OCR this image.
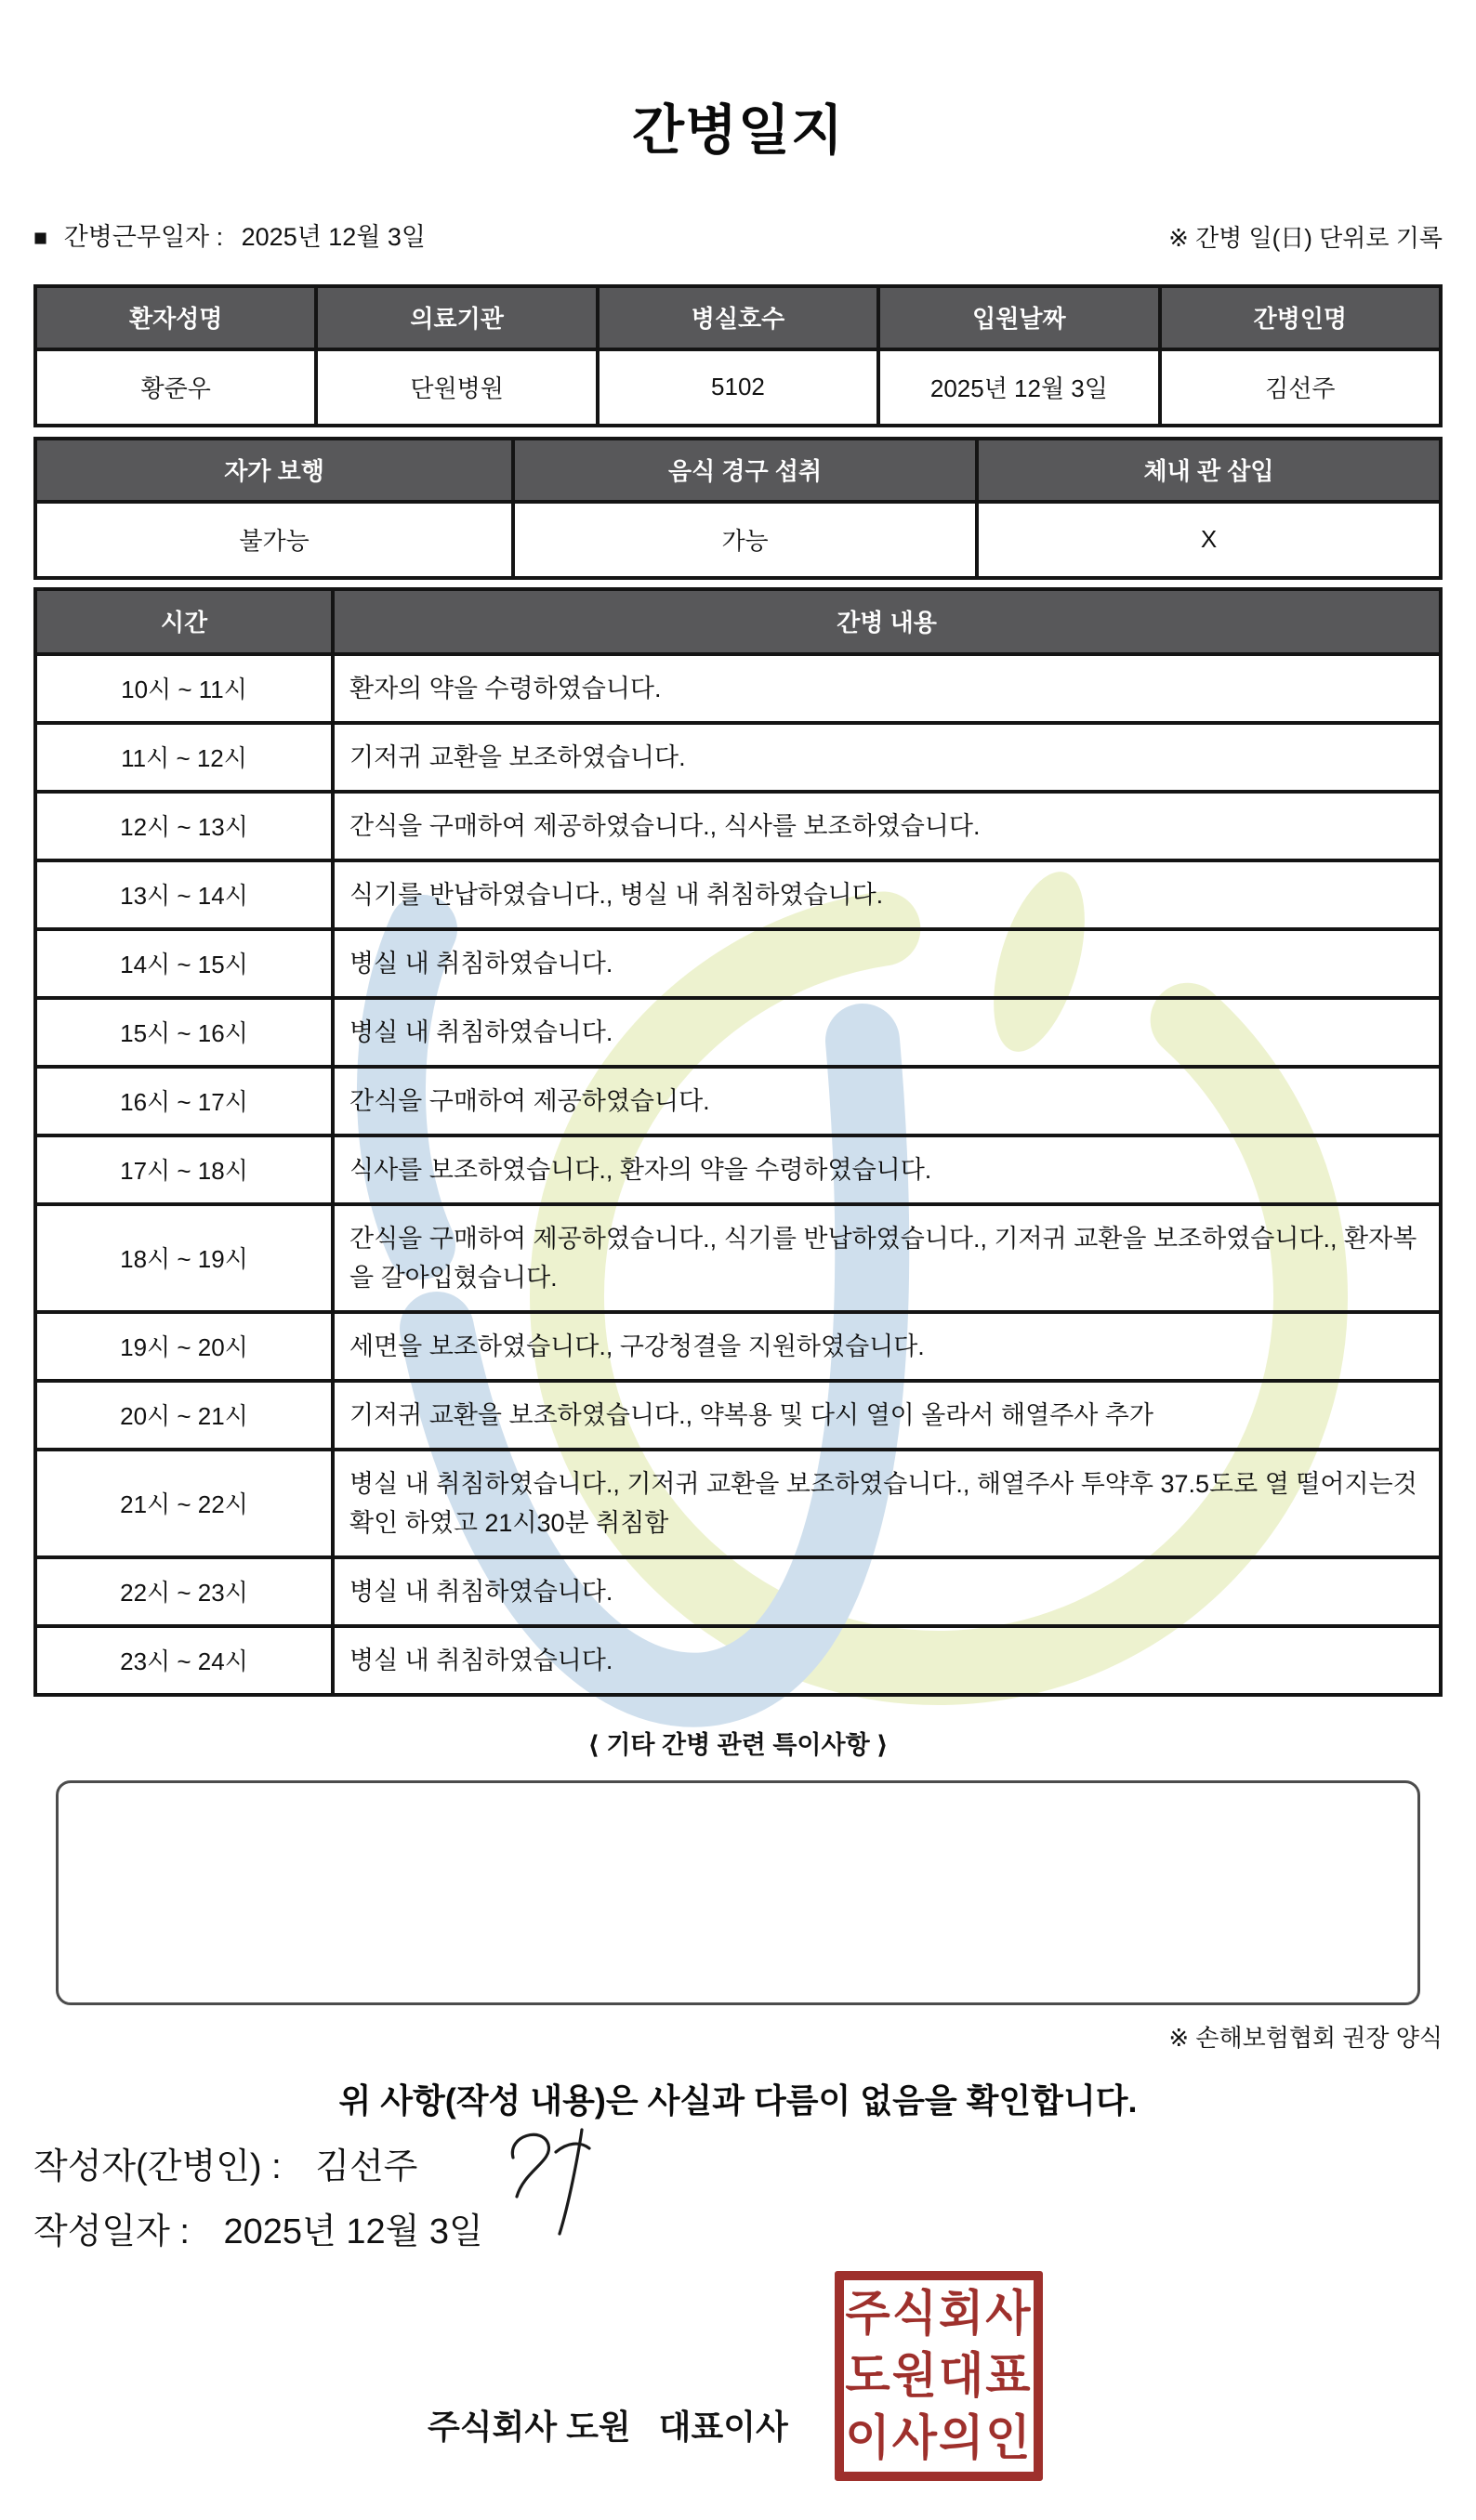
간병일지
■ 간병근무일자 : 2025년 12월 3일	※ 간병 일(日) 단위로 기록
환자성명	의료기관	병실호수	입원날짜	간병인명
황준우	단원병원	5102	2025년 12월 3일	김선주
자가 보행	음식 경구 섭취	체내 관 삽입
불가능	가능	X
시간	간병 내용
10시 ~ 11시	환자의 약을 수령하였습니다.
11시 ~ 12시	기저귀 교환을 보조하였습니다.
12시 ~ 13시	간식을 구매하여 제공하였습니다., 식사를 보조하였습니다.
13시 ~ 14시	식기를 반납하였습니다., 병실 내 취침하였습니다.
14시 ~ 15시	병실 내 취침하였습니다.
15시 ~ 16시	병실 내 취침하였습니다.
16시 ~ 17시	간식을 구매하여 제공하였습니다.
17시 ~ 18시	식사를 보조하였습니다., 환자의 약을 수령하였습니다.
18시 ~ 19시	간식을 구매하여 제공하였습니다., 식기를 반납하였습니다., 기저귀 교환을 보조하였습니다., 환자복을 갈아입혔습니다.
19시 ~ 20시	세면을 보조하였습니다., 구강청결을 지원하였습니다.
20시 ~ 21시	기저귀 교환을 보조하였습니다., 약복용 및 다시 열이 올라서 해열주사 추가
21시 ~ 22시	병실 내 취침하였습니다., 기저귀 교환을 보조하였습니다., 해열주사 투약후 37.5도로 열 떨어지는것 확인 하였고 21시30분 취침함
22시 ~ 23시	병실 내 취침하였습니다.
23시 ~ 24시	병실 내 취침하였습니다.
⟨ 기타 간병 관련 특이사항 ⟩
※ 손해보험협회 권장 양식
위 사항(작성 내용)은 사실과 다름이 없음을 확인합니다.
작성자(간병인) : 김선주
작성일자 : 2025년 12월 3일
주식회사 도원   대표이사
주식회사
도원대표
이사의인
